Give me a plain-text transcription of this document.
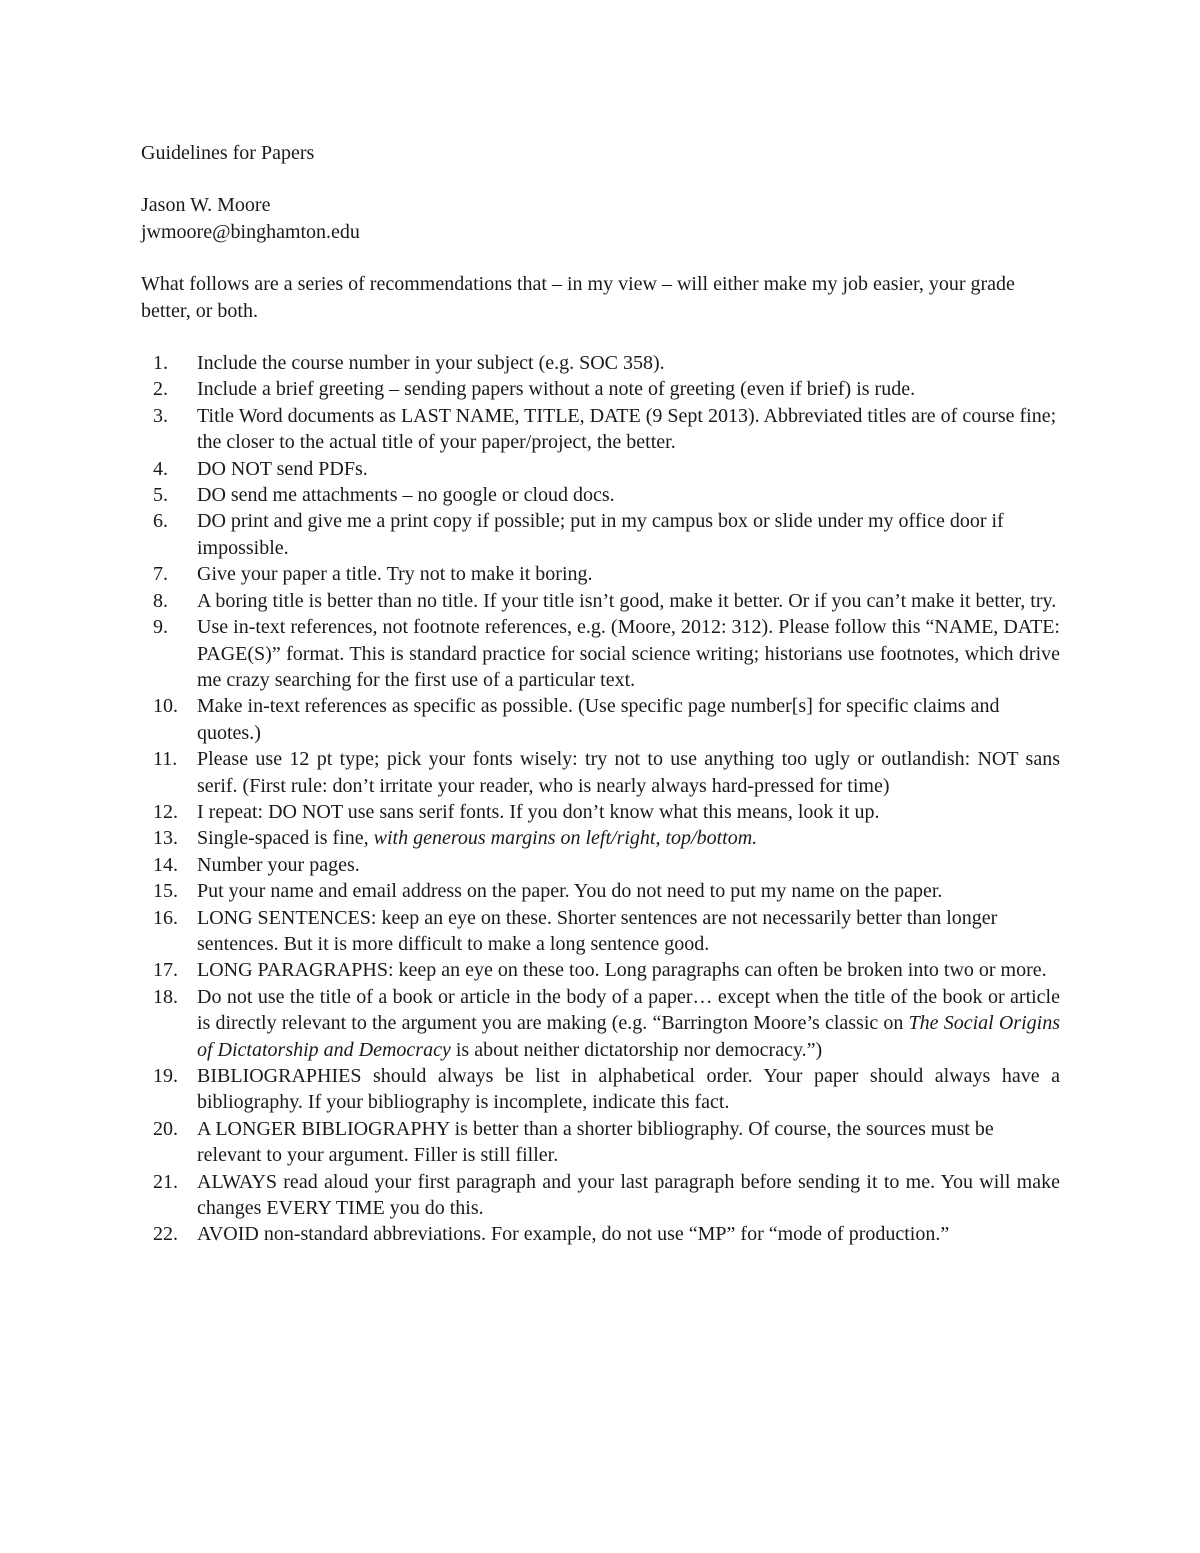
Guidelines for Papers
Jason W. Moore
jwmoore@binghamton.edu

What follows are a series of recommendations that – in my view – will either make my job easier, your grade better, or both.

1.	Include the course number in your subject (e.g. SOC 358).
2.	Include a brief greeting – sending papers without a note of greeting (even if brief) is rude.
3.	Title Word documents as LAST NAME, TITLE, DATE (9 Sept 2013). Abbreviated titles are of course fine; the closer to the actual title of your paper/project, the better.
4.	DO NOT send PDFs.
5.	DO send me attachments – no google or cloud docs.
6.	DO print and give me a print copy if possible; put in my campus box or slide under my office door if impossible.
7.	Give your paper a title. Try not to make it boring.
8.	A boring title is better than no title. If your title isn’t good, make it better. Or if you can’t make it better, try.
9.	Use in-text references, not footnote references, e.g. (Moore, 2012: 312). Please follow this “NAME, DATE: PAGE(S)” format. This is standard practice for social science writing; historians use footnotes, which drive me crazy searching for the first use of a particular text.
10. Make in-text references as specific as possible. (Use specific page number[s] for specific claims and quotes.)
11. Please use 12 pt type; pick your fonts wisely: try not to use anything too ugly or outlandish: NOT sans serif. (First rule: don’t irritate your reader, who is nearly always hard-pressed for time)
12. I repeat: DO NOT use sans serif fonts. If you don’t know what this means, look it up.
13. Single-spaced is fine, with generous margins on left/right, top/bottom.
14. Number your pages.
15. Put your name and email address on the paper. You do not need to put my name on the paper.
16. LONG SENTENCES: keep an eye on these. Shorter sentences are not necessarily better than longer sentences. But it is more difficult to make a long sentence good.
17. LONG PARAGRAPHS: keep an eye on these too. Long paragraphs can often be broken into two or more.
18. Do not use the title of a book or article in the body of a paper… except when the title of the book or article is directly relevant to the argument you are making (e.g. “Barrington Moore’s classic on The Social Origins of Dictatorship and Democracy is about neither dictatorship nor democracy.”)
19. BIBLIOGRAPHIES should always be list in alphabetical order. Your paper should always have a bibliography. If your bibliography is incomplete, indicate this fact.
20. A LONGER BIBLIOGRAPHY is better than a shorter bibliography. Of course, the sources must be relevant to your argument. Filler is still filler.
21. ALWAYS read aloud your first paragraph and your last paragraph before sending it to me. You will make changes EVERY TIME you do this.
22. AVOID non-standard abbreviations. For example, do not use “MP” for “mode of production.”
